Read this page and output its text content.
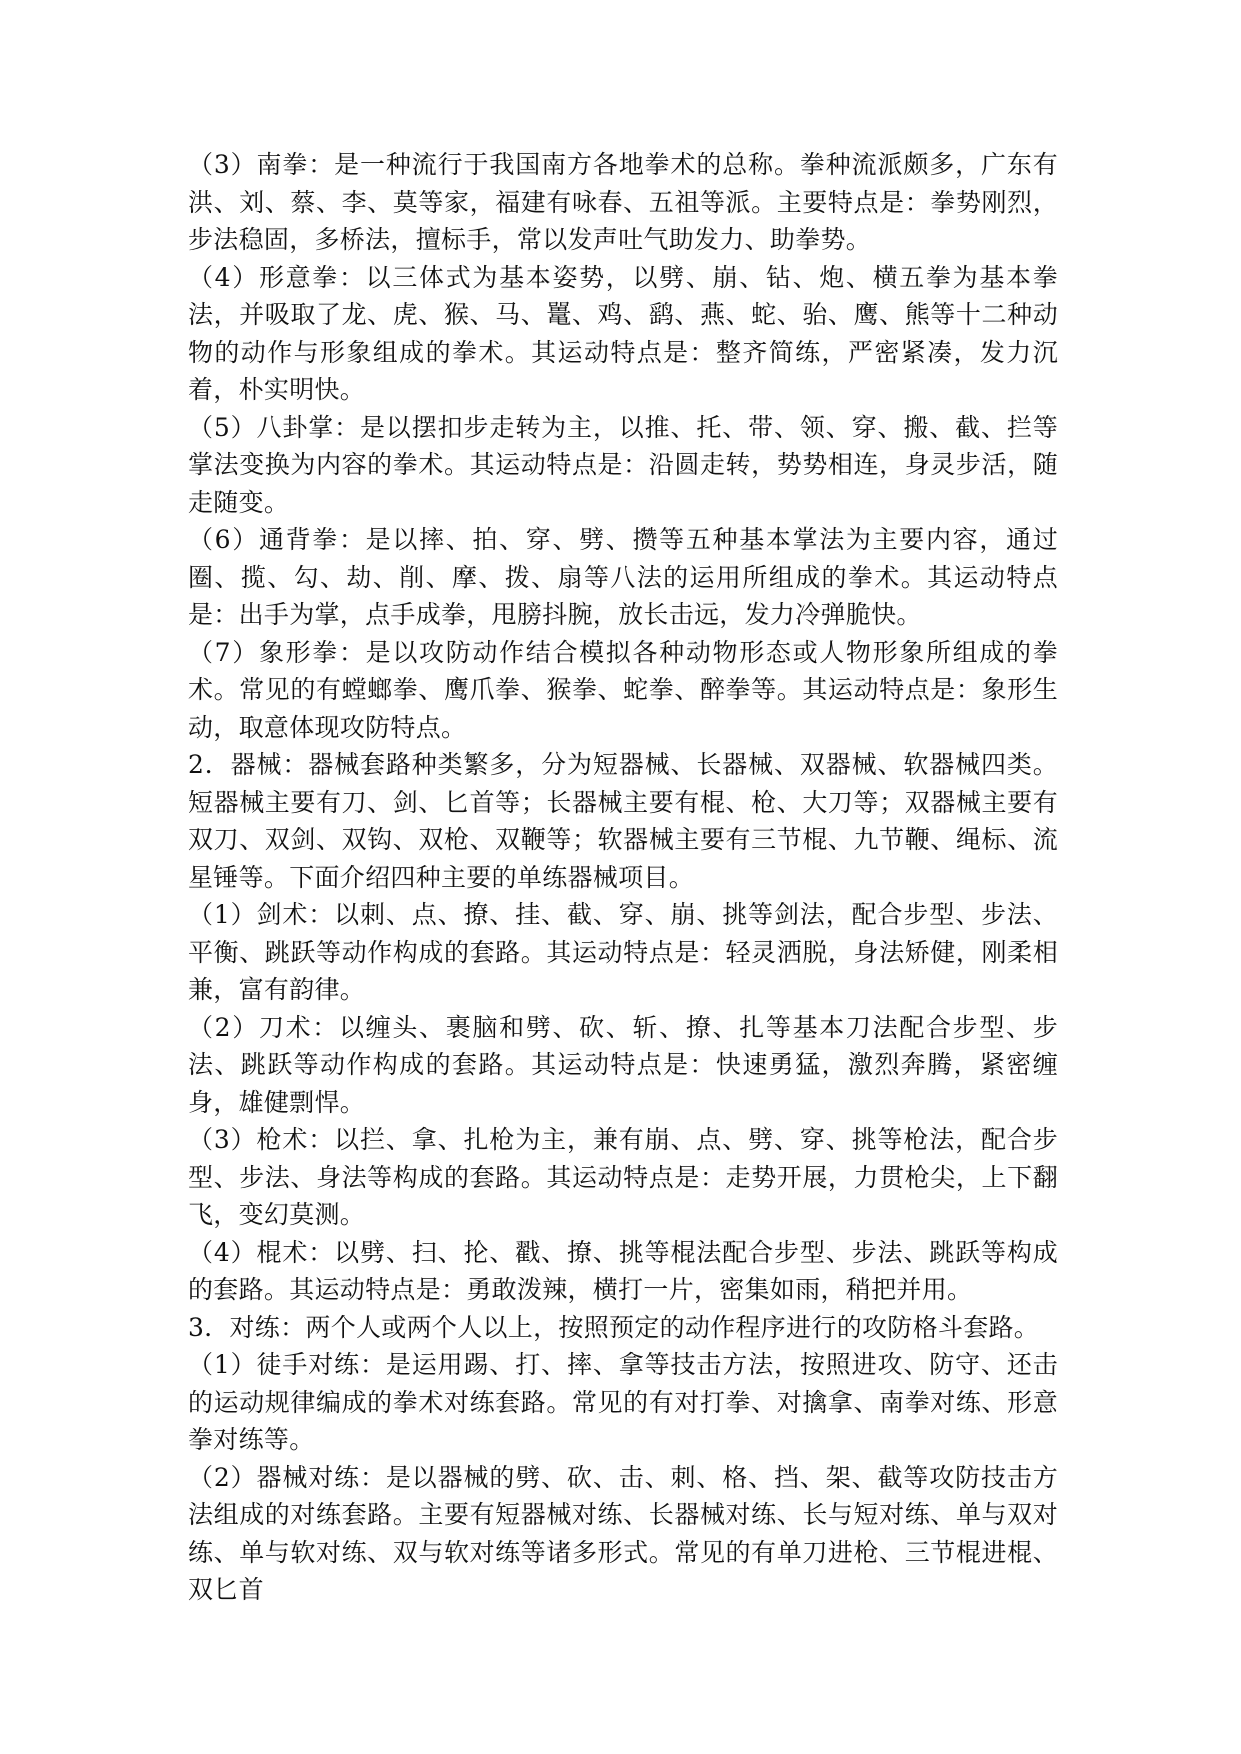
（3）南拳：是一种流行于我国南方各地拳术的总称。拳种流派颇多，广东有洪、刘、蔡、李、莫等家，福建有咏春、五祖等派。主要特点是：拳势刚烈，步法稳固，多桥法，擅标手，常以发声吐气助发力、助拳势。

（4）形意拳：以三体式为基本姿势，以劈、崩、钻、炮、横五拳为基本拳法，并吸取了龙、虎、猴、马、鼍、鸡、鹞、燕、蛇、骀、鹰、熊等十二种动物的动作与形象组成的拳术。其运动特点是：整齐简练，严密紧凑，发力沉着，朴实明快。

（5）八卦掌：是以摆扣步走转为主，以推、托、带、领、穿、搬、截、拦等掌法变换为内容的拳术。其运动特点是：沿圆走转，势势相连，身灵步活，随走随变。

（6）通背拳：是以摔、拍、穿、劈、攒等五种基本掌法为主要内容，通过圈、揽、勾、劫、削、摩、拨、扇等八法的运用所组成的拳术。其运动特点是：出手为掌，点手成拳，甩膀抖腕，放长击远，发力冷弹脆快。

（7）象形拳：是以攻防动作结合模拟各种动物形态或人物形象所组成的拳术。常见的有螳螂拳、鹰爪拳、猴拳、蛇拳、醉拳等。其运动特点是：象形生动，取意体现攻防特点。

2．器械：器械套路种类繁多，分为短器械、长器械、双器械、软器械四类。短器械主要有刀、剑、匕首等；长器械主要有棍、枪、大刀等；双器械主要有双刀、双剑、双钩、双枪、双鞭等；软器械主要有三节棍、九节鞭、绳标、流星锤等。下面介绍四种主要的单练器械项目。

（1）剑术：以刺、点、撩、挂、截、穿、崩、挑等剑法，配合步型、步法、平衡、跳跃等动作构成的套路。其运动特点是：轻灵洒脱，身法矫健，刚柔相兼，富有韵律。

（2）刀术：以缠头、裹脑和劈、砍、斩、撩、扎等基本刀法配合步型、步法、跳跃等动作构成的套路。其运动特点是：快速勇猛，激烈奔腾，紧密缠身，雄健剽悍。

（3）枪术：以拦、拿、扎枪为主，兼有崩、点、劈、穿、挑等枪法，配合步型、步法、身法等构成的套路。其运动特点是：走势开展，力贯枪尖，上下翻飞，变幻莫测。

（4）棍术：以劈、扫、抡、戳、撩、挑等棍法配合步型、步法、跳跃等构成的套路。其运动特点是：勇敢泼辣，横打一片，密集如雨，稍把并用。

3．对练：两个人或两个人以上，按照预定的动作程序进行的攻防格斗套路。

（1）徒手对练：是运用踢、打、摔、拿等技击方法，按照进攻、防守、还击的运动规律编成的拳术对练套路。常见的有对打拳、对擒拿、南拳对练、形意拳对练等。

（2）器械对练：是以器械的劈、砍、击、刺、格、挡、架、截等攻防技击方法组成的对练套路。主要有短器械对练、长器械对练、长与短对练、单与双对练、单与软对练、双与软对练等诸多形式。常见的有单刀进枪、三节棍进棍、双匕首
